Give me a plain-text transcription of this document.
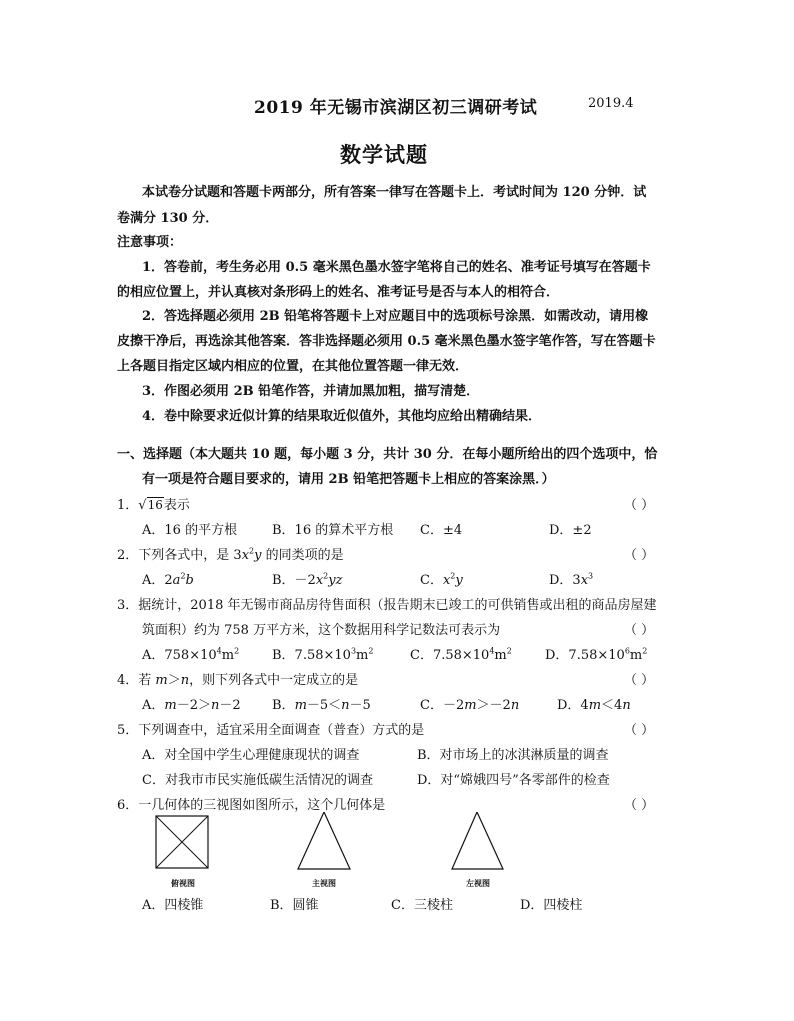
2019 年无锡市滨湖区初三调研考试	2019.4
数学试题
本试卷分试题和答题卡两部分，所有答案一律写在答题卡上．考试时间为 120 分钟．试
卷满分 130 分．
注意事项：
1．答卷前，考生务必用 0.5 毫米黑色墨水签字笔将自己的姓名、准考证号填写在答题卡
的相应位置上，并认真核对条形码上的姓名、准考证号是否与本人的相符合．
2．答选择题必须用 2B 铅笔将答题卡上对应题目中的选项标号涂黑．如需改动，请用橡
皮擦干净后，再选涂其他答案．答非选择题必须用 0.5 毫米黑色墨水签字笔作答，写在答题卡
上各题目指定区域内相应的位置，在其他位置答题一律无效．
3．作图必须用 2B 铅笔作答，并请加黑加粗，描写清楚．
4．卷中除要求近似计算的结果取近似值外，其他均应给出精确结果．
一、选择题（本大题共 10 题，每小题 3 分，共计 30 分．在每小题所给出的四个选项中，恰
有一项是符合题目要求的，请用 2B 铅笔把答题卡上相应的答案涂黑．）
1．√16表示	（ ）
A．16 的平方根	B．16 的算术平方根 C．±4	D．±2
2．下列各式中，是 $3x^2y$ 的同类项的是	（ ）
A．$2a^2b$	B．$-2x^2yz$	C．$x^2y$	D．$3x^3$
3．据统计，2018 年无锡市商品房待售面积（报告期末已竣工的可供销售或出租的商品房屋建
筑面积）约为 758 万平方米，这个数据用科学记数法可表示为	（ ）
A．$758\times 10^4m^2$	B．$7.58\times 10^3m^2$	C．$7.58\times 10^4m^2$	D．$7.58\times 10^6m^2$
4．若 m＞n，则下列各式中一定成立的是	（ ）
A．m－2＞n－2 B．m－5＜n－5	C．－2m＞－2n	D．4m＜4n
5．下列调查中，适宜采用全面调查（普查）方式的是	（ ）
A．对全国中学生心理健康现状的调查	B．对市场上的冰淇淋质量的调查
C．对我市市民实施低碳生活情况的调查	D．对“嫦娥四号”各零部件的检查
6．一几何体的三视图如图所示，这个几何体是	（ ）
俯视图	主视图	左视图
A．四棱锥	B．圆锥	C．三棱柱	D．四棱柱
